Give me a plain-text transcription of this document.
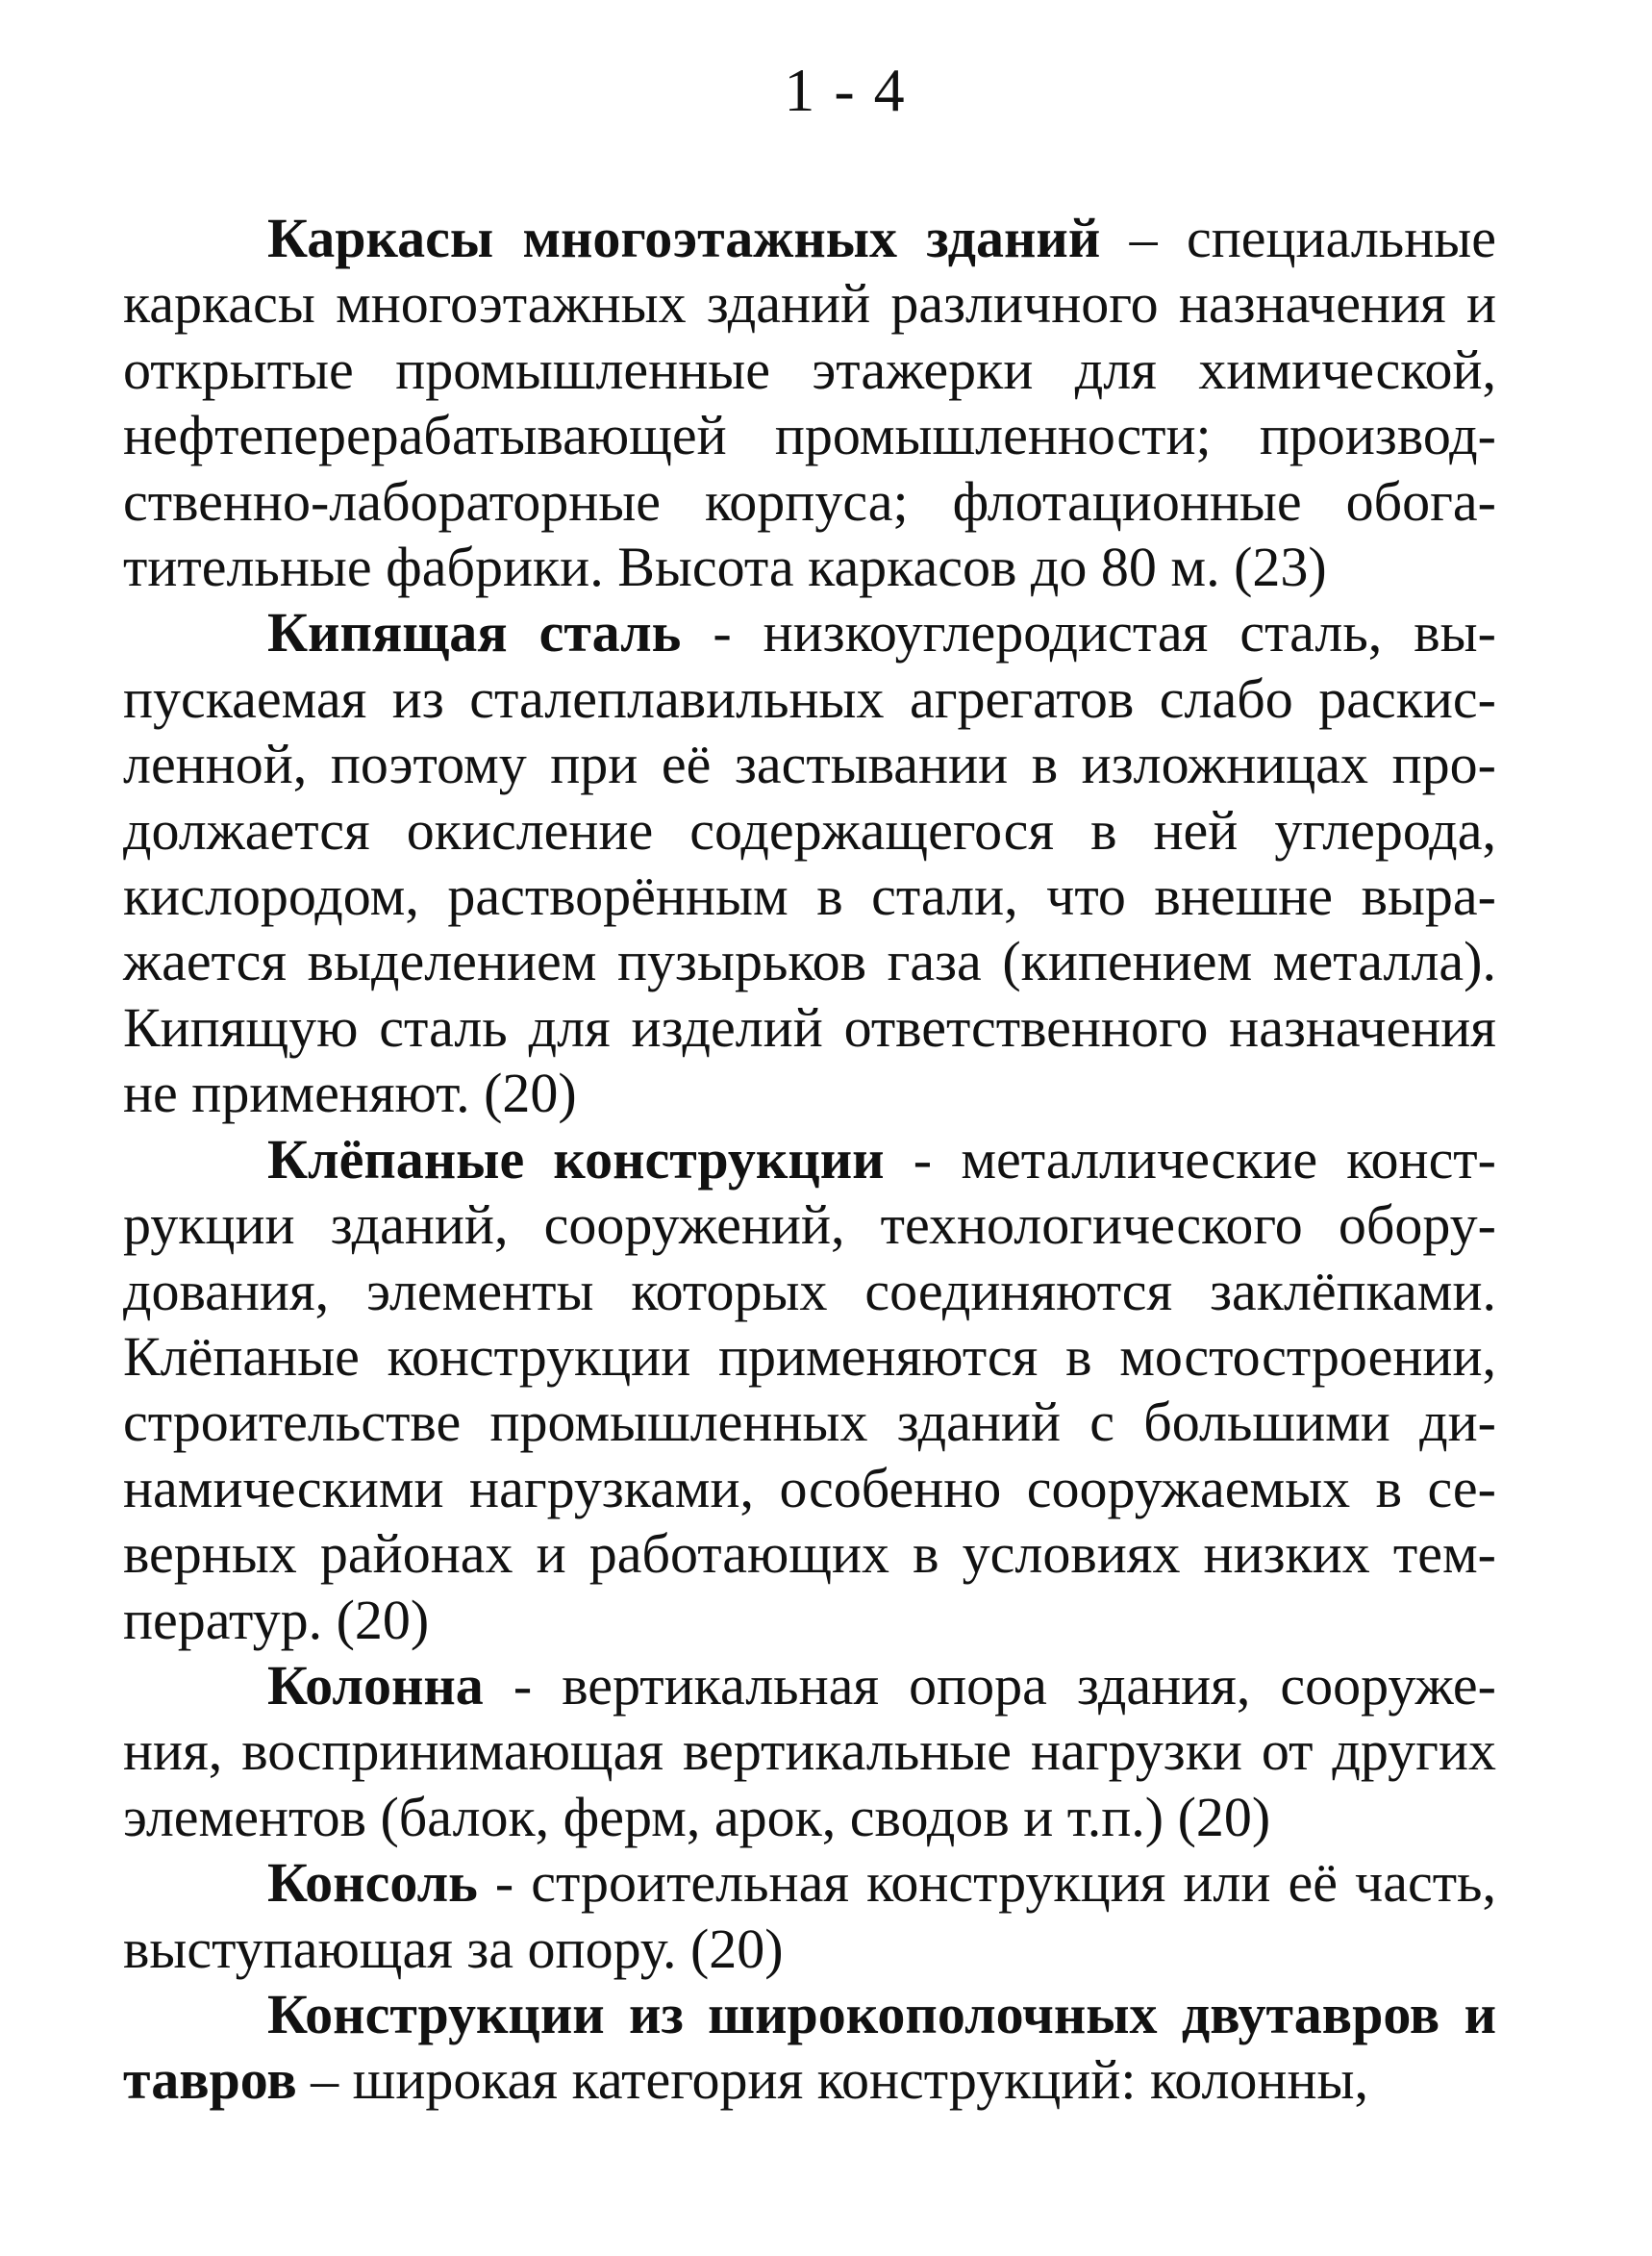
1 - 4

Каркасы многоэтажных зданий – специальные каркасы многоэтажных зданий различного назначения и открытые промышленные этажерки для химической, нефтеперерабатывающей промышленности; производственно-лабораторные корпуса; флотационные обогатительные фабрики. Высота каркасов до 80 м. (23)

Кипящая сталь - низкоуглеродистая сталь, выпускаемая из сталеплавильных агрегатов слабо раскисленной, поэтому при её застывании в изложницах продолжается окисление содержащегося в ней углерода, кислородом, растворённым в стали, что внешне выражается выделением пузырьков газа (кипением металла). Кипящую сталь для изделий ответственного назначения не применяют. (20)

Клёпаные конструкции - металлические конструкции зданий, сооружений, технологического оборудования, элементы которых соединяются заклёпками. Клёпаные конструкции применяются в мостостроении, строительстве промышленных зданий с большими динамическими нагрузками, особенно сооружаемых в северных районах и работающих в условиях низких температур. (20)

Колонна - вертикальная опора здания, сооружения, воспринимающая вертикальные нагрузки от других элементов (балок, ферм, арок, сводов и т.п.) (20)

Консоль - строительная конструкция или её часть, выступающая за опору. (20)

Конструкции из широкополочных двутавров и тавров – широкая категория конструкций: колонны,
